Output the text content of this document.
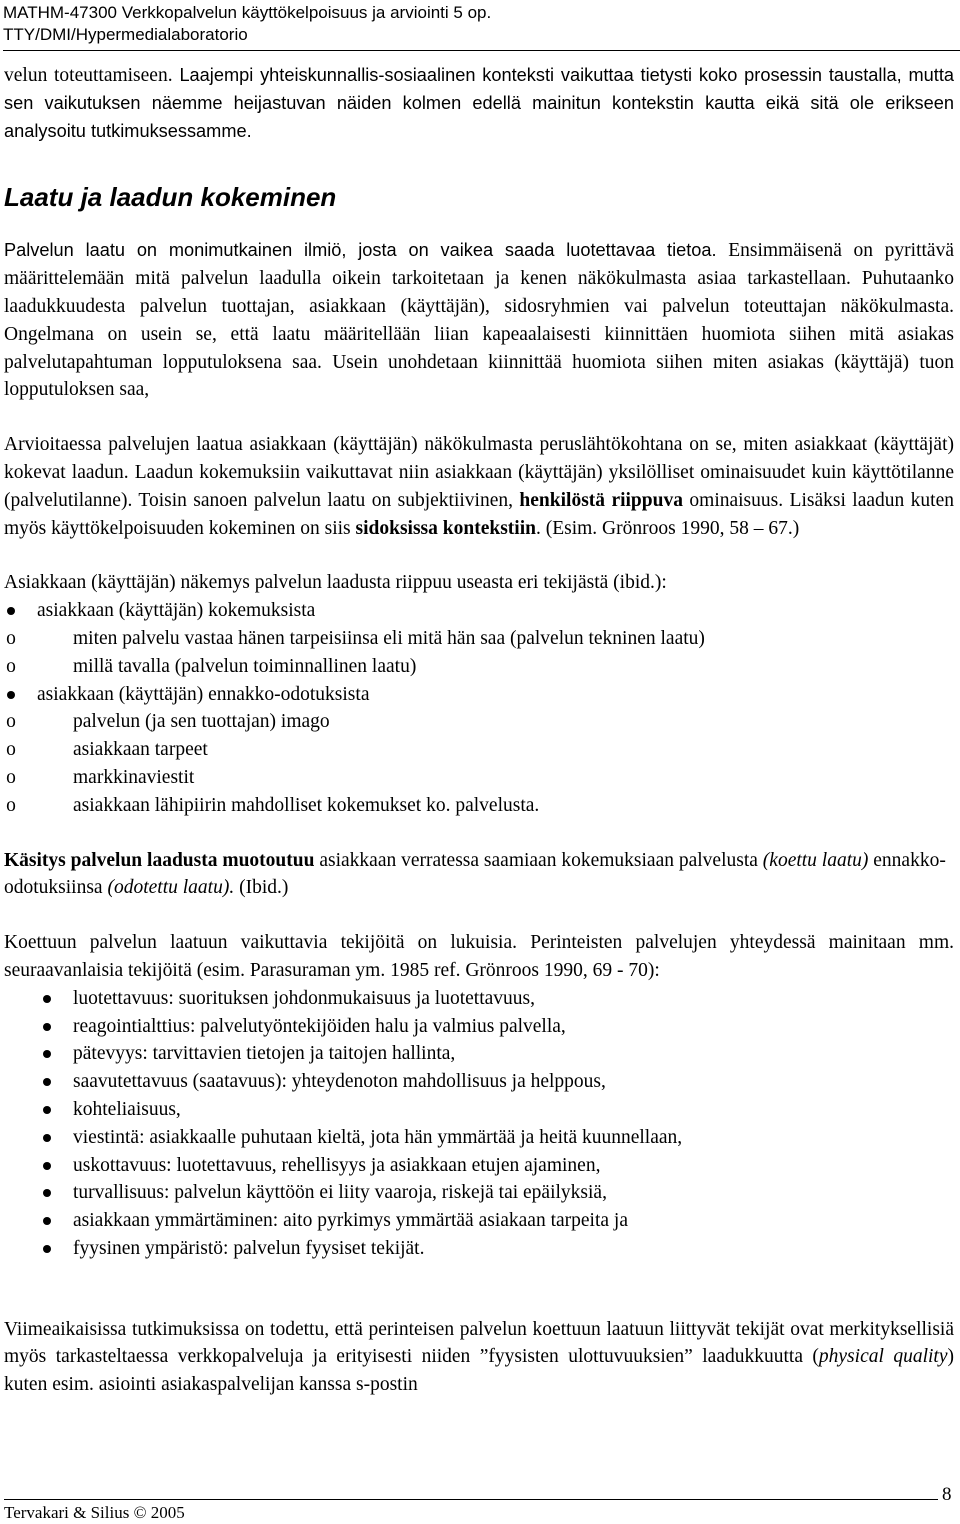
MATHM-47300 Verkkopalvelun käyttökelpoisuus ja arviointi 5 op.
TTY/DMI/Hypermedialaboratorio

velun toteuttamiseen. Laajempi yhteiskunnallis-sosiaalinen konteksti vaikuttaa tietysti koko prosessin taustalla, mutta sen vaikutuksen näemme heijastuvan näiden kolmen edellä mainitun kontekstin kautta eikä sitä ole erikseen analysoitu tutkimuksessamme.

Laatu ja laadun kokeminen

Palvelun laatu on monimutkainen ilmiö, josta on vaikea saada luotettavaa tietoa. Ensimmäisenä on pyrittävä määrittelemään mitä palvelun laadulla oikein tarkoitetaan ja kenen näkökulmasta asiaa tarkastellaan. Puhutaanko laadukkuudesta palvelun tuottajan, asiakkaan (käyttäjän), sidosryhmien vai palvelun toteuttajan näkökulmasta. Ongelmana on usein se, että laatu määritellään liian kapeaalaisesti kiinnittäen huomiota siihen mitä asiakas palvelutapahtuman lopputuloksena saa. Usein unohdetaan kiinnittää huomiota siihen miten asiakas (käyttäjä) tuon lopputuloksen saa,

Arvioitaessa palvelujen laatua asiakkaan (käyttäjän) näkökulmasta peruslähtökohtana on se, miten asiakkaat (käyttäjät) kokevat laadun. Laadun kokemuksiin vaikuttavat niin asiakkaan (käyttäjän) yksilölliset ominaisuudet kuin käyttötilanne (palvelutilanne). Toisin sanoen palvelun laatu on subjektiivinen, henkilöstä riippuva ominaisuus. Lisäksi laadun kuten myös käyttökelpoisuuden kokeminen on siis sidoksissa kontekstiin. (Esim. Grönroos 1990, 58 – 67.)

Asiakkaan (käyttäjän) näkemys palvelun laadusta riippuu useasta eri tekijästä (ibid.):

asiakkaan (käyttäjän) kokemuksista
o	miten palvelu vastaa hänen tarpeisiinsa eli mitä hän saa (palvelun tekninen laatu)
o	millä tavalla (palvelun toiminnallinen laatu)
asiakkaan (käyttäjän) ennakko-odotuksista
o	palvelun (ja sen tuottajan) imago
o	asiakkaan tarpeet
o	markkinaviestit
o	asiakkaan lähipiirin mahdolliset kokemukset ko. palvelusta.

Käsitys palvelun laadusta muotoutuu asiakkaan verratessa saamiaan kokemuksiaan palvelusta (koettu laatu) ennakko-odotuksiinsa (odotettu laatu). (Ibid.)

Koettuun palvelun laatuun vaikuttavia tekijöitä on lukuisia. Perinteisten palvelujen yhteydessä mainitaan mm. seuraavanlaisia tekijöitä (esim. Parasuraman ym. 1985 ref. Grönroos 1990, 69 - 70):

luotettavuus: suorituksen johdonmukaisuus ja luotettavuus,
reagointialttius: palvelutyöntekijöiden halu ja valmius palvella,
pätevyys: tarvittavien tietojen ja taitojen hallinta,
saavutettavuus (saatavuus): yhteydenoton mahdollisuus ja helppous,
kohteliaisuus,
viestintä: asiakkaalle puhutaan kieltä, jota hän ymmärtää ja heitä kuunnellaan,
uskottavuus: luotettavuus, rehellisyys ja asiakkaan etujen ajaminen,
turvallisuus: palvelun käyttöön ei liity vaaroja, riskejä tai epäilyksiä,
asiakkaan ymmärtäminen: aito pyrkimys ymmärtää asiakaan tarpeita ja
fyysinen ympäristö: palvelun fyysiset tekijät.

Viimeaikaisissa tutkimuksissa on todettu, että perinteisen palvelun koettuun laatuun liittyvät tekijät ovat merkityksellisiä myös tarkasteltaessa verkkopalveluja ja erityisesti niiden ”fyysisten ulottuvuuksien” laadukkuutta (physical quality) kuten esim. asiointi asiakaspalvelijan kanssa s-postin

Tervakari & Silius © 2005
8
